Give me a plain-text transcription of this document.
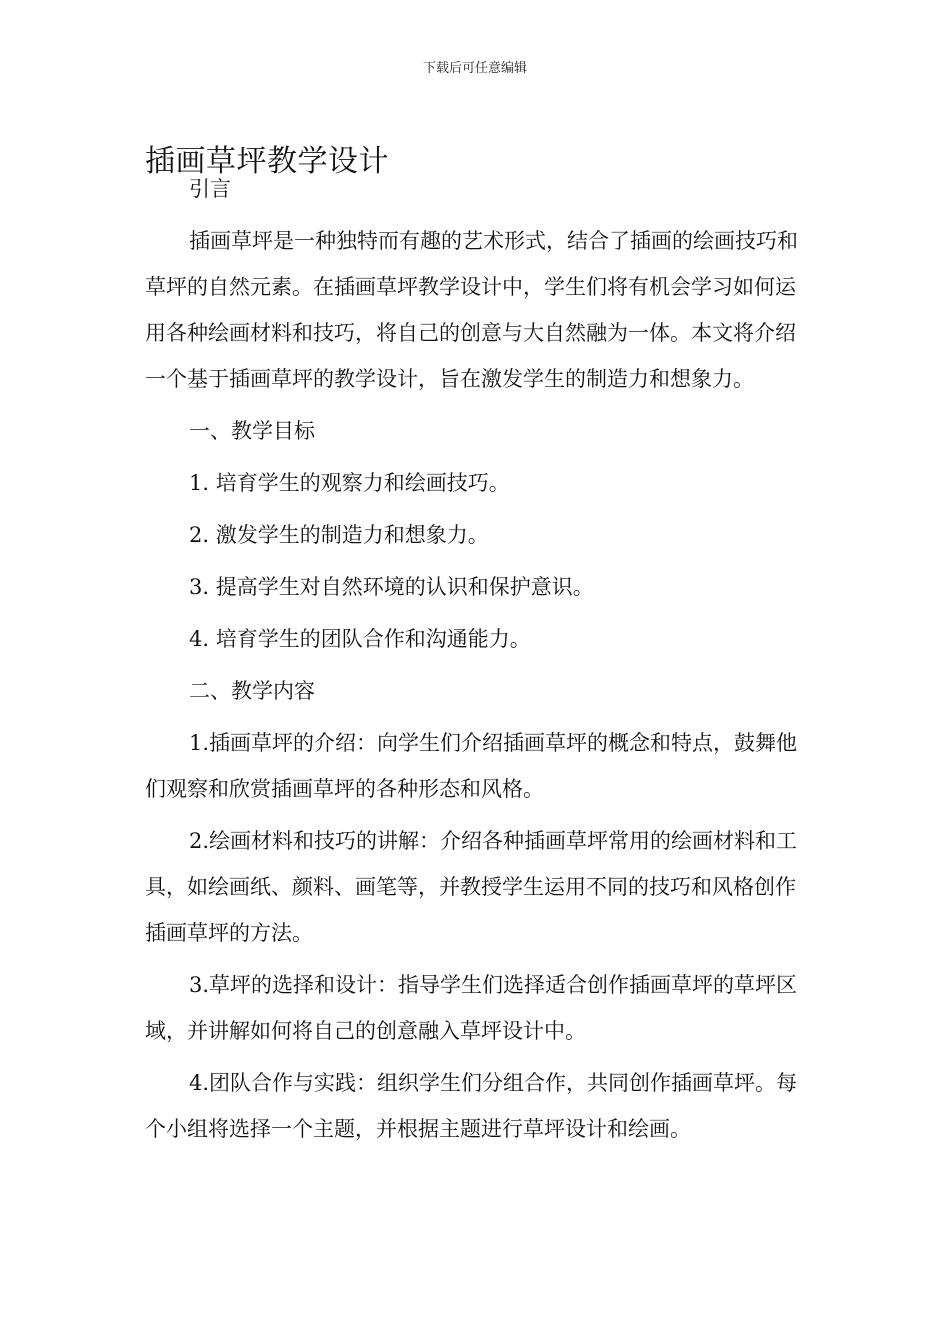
下载后可任意编辑
插画草坪教学设计

引言

插画草坪是一种独特而有趣的艺术形式，结合了插画的绘画技巧和草坪的自然元素。在插画草坪教学设计中，学生们将有机会学习如何运用各种绘画材料和技巧，将自己的创意与大自然融为一体。本文将介绍一个基于插画草坪的教学设计，旨在激发学生的制造力和想象力。

一、教学目标

1. 培育学生的观察力和绘画技巧。

2. 激发学生的制造力和想象力。

3. 提高学生对自然环境的认识和保护意识。

4. 培育学生的团队合作和沟通能力。

二、教学内容

1.插画草坪的介绍：向学生们介绍插画草坪的概念和特点，鼓舞他们观察和欣赏插画草坪的各种形态和风格。

2.绘画材料和技巧的讲解：介绍各种插画草坪常用的绘画材料和工具，如绘画纸、颜料、画笔等，并教授学生运用不同的技巧和风格创作插画草坪的方法。

3.草坪的选择和设计：指导学生们选择适合创作插画草坪的草坪区域，并讲解如何将自己的创意融入草坪设计中。

4.团队合作与实践：组织学生们分组合作，共同创作插画草坪。每个小组将选择一个主题，并根据主题进行草坪设计和绘画。
